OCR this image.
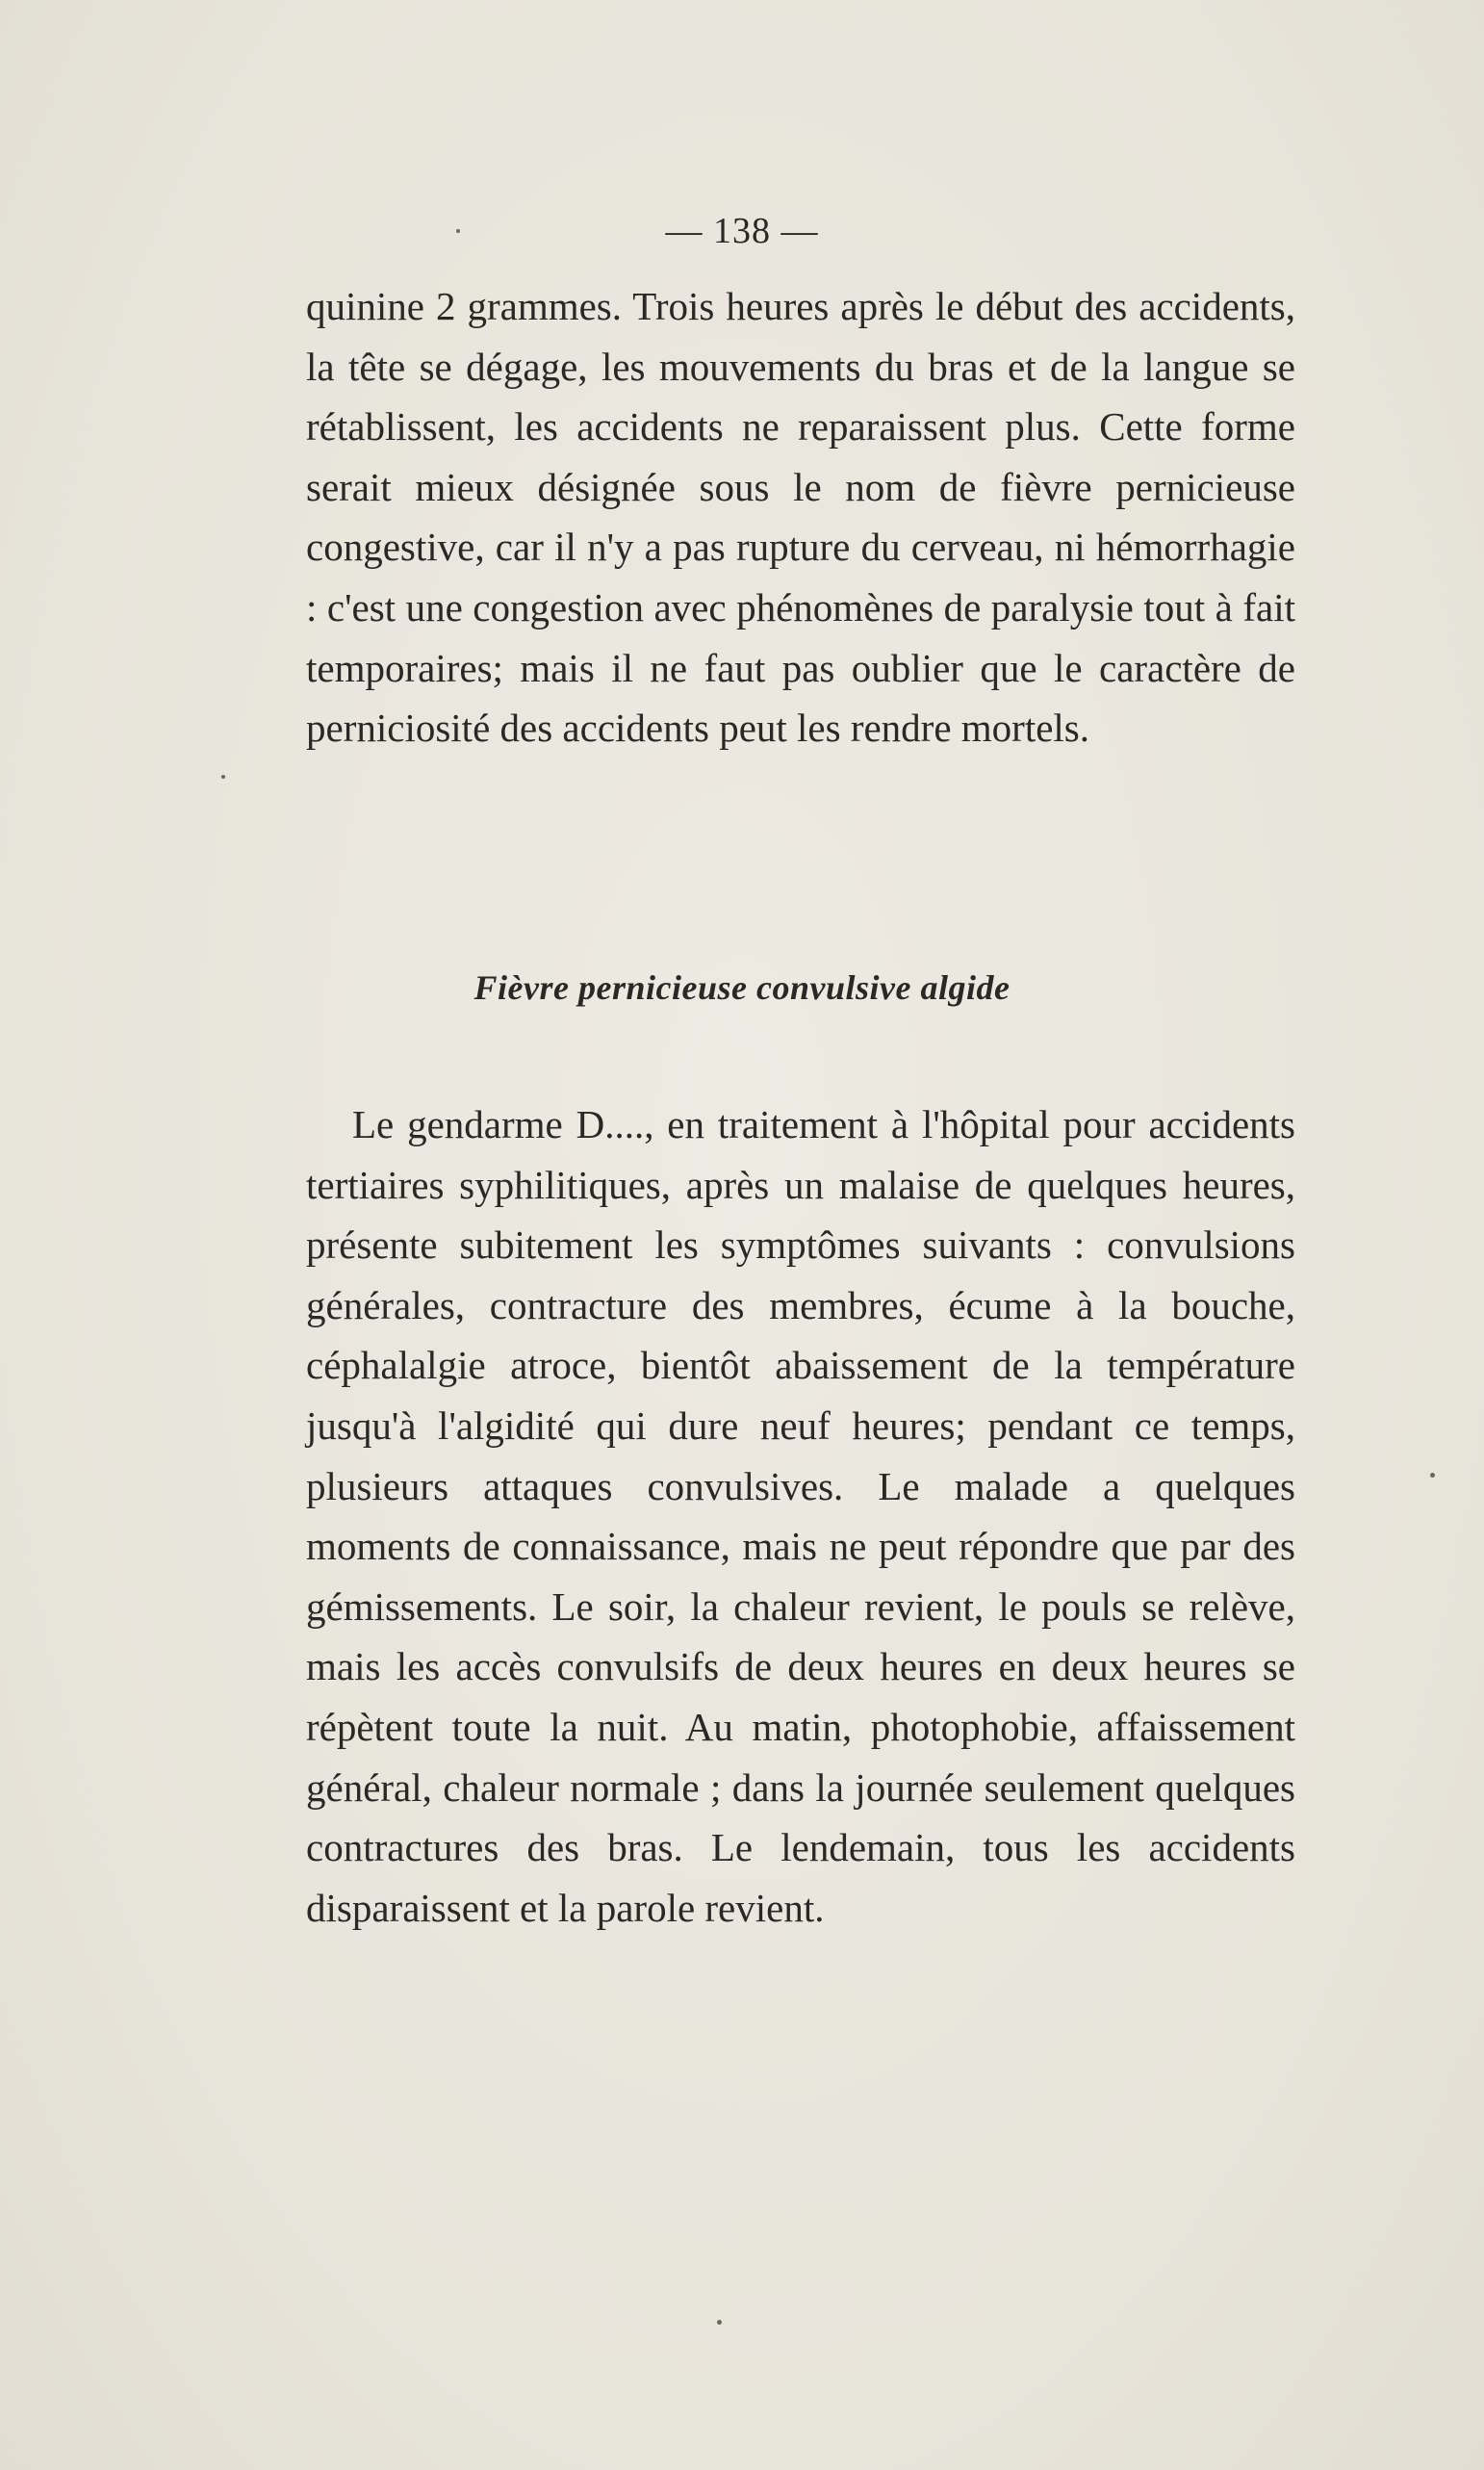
— 138 —

quinine 2 grammes. Trois heures après le début des accidents, la tête se dégage, les mouvements du bras et de la langue se rétablissent, les accidents ne reparaissent plus. Cette forme serait mieux désignée sous le nom de fièvre pernicieuse congestive, car il n'y a pas rupture du cerveau, ni hémorrhagie : c'est une congestion avec phénomènes de paralysie tout à fait temporaires; mais il ne faut pas oublier que le caractère de perniciosité des accidents peut les rendre mortels.

Fièvre pernicieuse convulsive algide

Le gendarme D...., en traitement à l'hôpital pour accidents tertiaires syphilitiques, après un malaise de quelques heures, présente subitement les symptômes suivants : convulsions générales, contracture des membres, écume à la bouche, céphalalgie atroce, bientôt abaissement de la température jusqu'à l'algidité qui dure neuf heures; pendant ce temps, plusieurs attaques convulsives. Le malade a quelques moments de connaissance, mais ne peut répondre que par des gémissements. Le soir, la chaleur revient, le pouls se relève, mais les accès convulsifs de deux heures en deux heures se répètent toute la nuit. Au matin, photophobie, affaissement général, chaleur normale ; dans la journée seulement quelques contractures des bras. Le lendemain, tous les accidents disparaissent et la parole revient.
